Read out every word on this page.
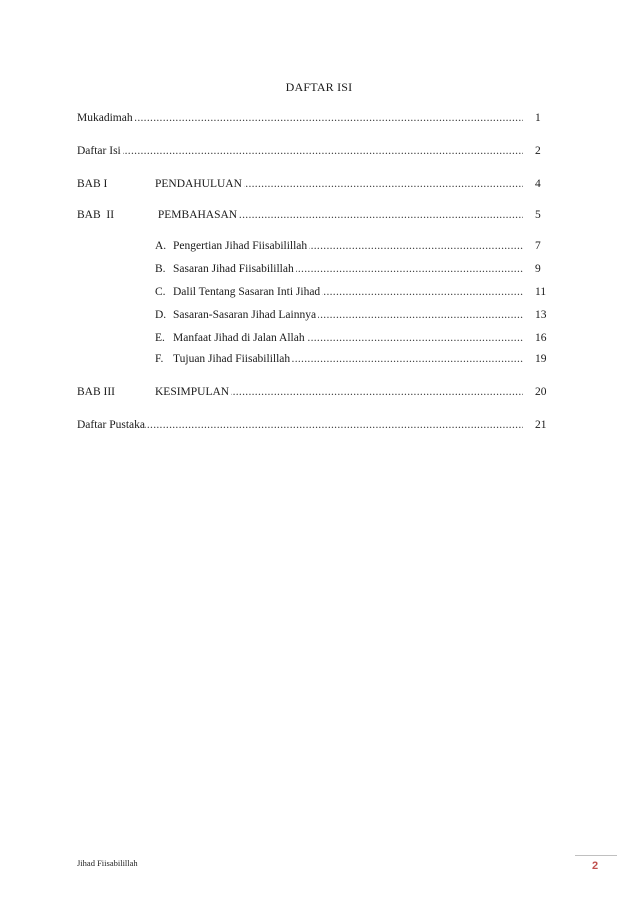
DAFTAR ISI
.....
Mukadimah	1
.....
Daftar Isi	2
.....
BAB I	PENDAHULUAN	4
.....
BAB  II	PEMBAHASAN	5
.....
A. Pengertian Jihad Fiisabilillah	7
.....
B. Sasaran Jihad Fiisabilillah	9
.....
C. Dalil Tentang Sasaran Inti Jihad	11
.....
D. Sasaran-Sasaran Jihad Lainnya	13
.....
E. Manfaat Jihad di Jalan Allah	16
.....
F. Tujuan Jihad Fiisabilillah	19
.....
BAB III	KESIMPULAN	20
.....
Daftar Pustaka	21
Jihad Fiisabilillah	2
